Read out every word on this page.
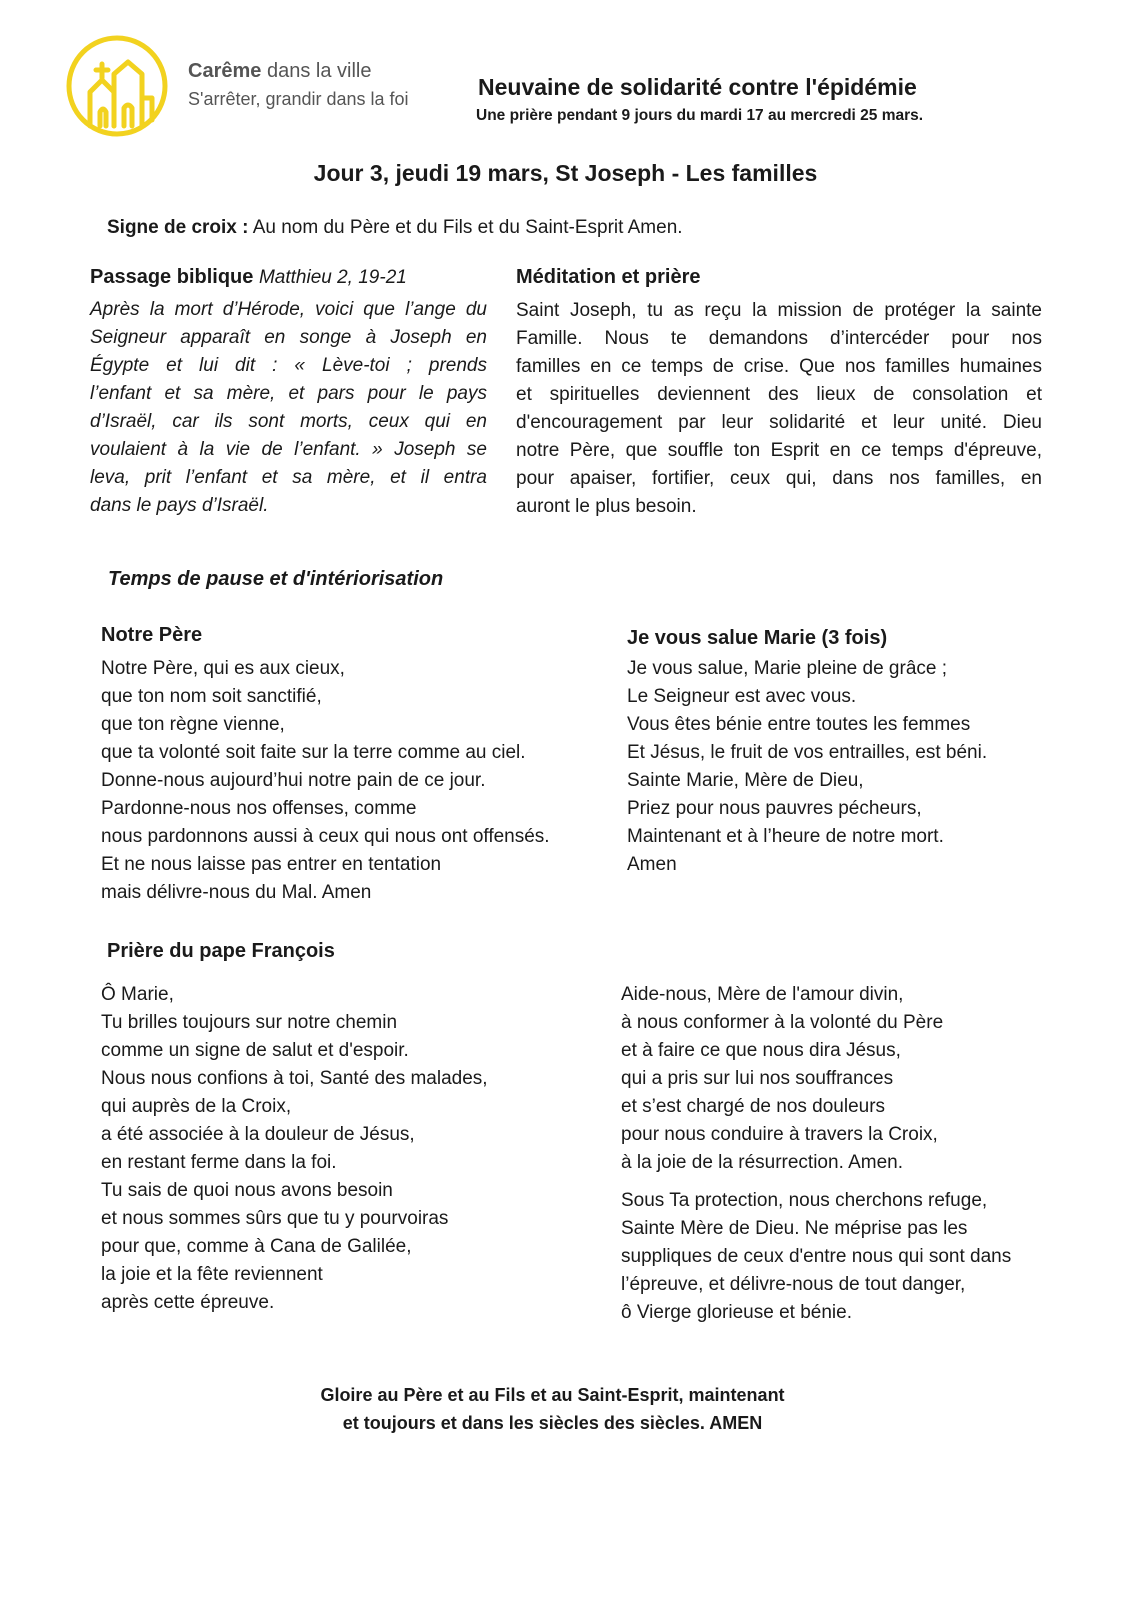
Carême dans la ville
S'arrêter, grandir dans la foi	Neuvaine de solidarité contre l'épidémie
Une prière pendant 9 jours du mardi 17 au mercredi 25 mars.
Jour 3, jeudi 19 mars, St Joseph - Les familles
Signe de croix : Au nom du Père et du Fils et du Saint-Esprit Amen.
Passage biblique Matthieu 2, 19-21
Après la mort d’Hérode, voici que l’ange du
Seigneur apparaît en songe à Joseph en
Égypte et lui dit : « Lève-toi ; prends
l’enfant et sa mère, et pars pour le pays
d’Israël, car ils sont morts, ceux qui en
voulaient à la vie de l’enfant. » Joseph se
leva, prit l’enfant et sa mère, et il entra
dans le pays d’Israël.
Méditation et prière
Saint Joseph, tu as reçu la mission de protéger la sainte
Famille. Nous te demandons d’intercéder pour nos
familles en ce temps de crise. Que nos familles humaines
et spirituelles deviennent des lieux de consolation et
d'encouragement par leur solidarité et leur unité. Dieu
notre Père, que souffle ton Esprit en ce temps d'épreuve,
pour apaiser, fortifier, ceux qui, dans nos familles, en
auront le plus besoin.
Temps de pause et d'intériorisation
Notre Père
Notre Père, qui es aux cieux,
que ton nom soit sanctifié,
que ton règne vienne,
que ta volonté soit faite sur la terre comme au ciel.
Donne-nous aujourd’hui notre pain de ce jour.
Pardonne-nous nos offenses, comme
nous pardonnons aussi à ceux qui nous ont offensés.
Et ne nous laisse pas entrer en tentation
mais délivre-nous du Mal. Amen
Je vous salue Marie (3 fois)
Je vous salue, Marie pleine de grâce ;
Le Seigneur est avec vous.
Vous êtes bénie entre toutes les femmes
Et Jésus, le fruit de vos entrailles, est béni.
Sainte Marie, Mère de Dieu,
Priez pour nous pauvres pécheurs,
Maintenant et à l’heure de notre mort.
Amen
Prière du pape François
Ô Marie,
Tu brilles toujours sur notre chemin
comme un signe de salut et d'espoir.
Nous nous confions à toi, Santé des malades,
qui auprès de la Croix,
a été associée à la douleur de Jésus,
en restant ferme dans la foi.
Tu sais de quoi nous avons besoin
et nous sommes sûrs que tu y pourvoiras
pour que, comme à Cana de Galilée,
la joie et la fête reviennent
après cette épreuve.
Aide-nous, Mère de l'amour divin,
à nous conformer à la volonté du Père
et à faire ce que nous dira Jésus,
qui a pris sur lui nos souffrances
et s’est chargé de nos douleurs
pour nous conduire à travers la Croix,
à la joie de la résurrection. Amen.
Sous Ta protection, nous cherchons refuge,
Sainte Mère de Dieu. Ne méprise pas les
suppliques de ceux d'entre nous qui sont dans
l’épreuve, et délivre-nous de tout danger,
ô Vierge glorieuse et bénie.
Gloire au Père et au Fils et au Saint-Esprit, maintenant
et toujours et dans les siècles des siècles. AMEN
